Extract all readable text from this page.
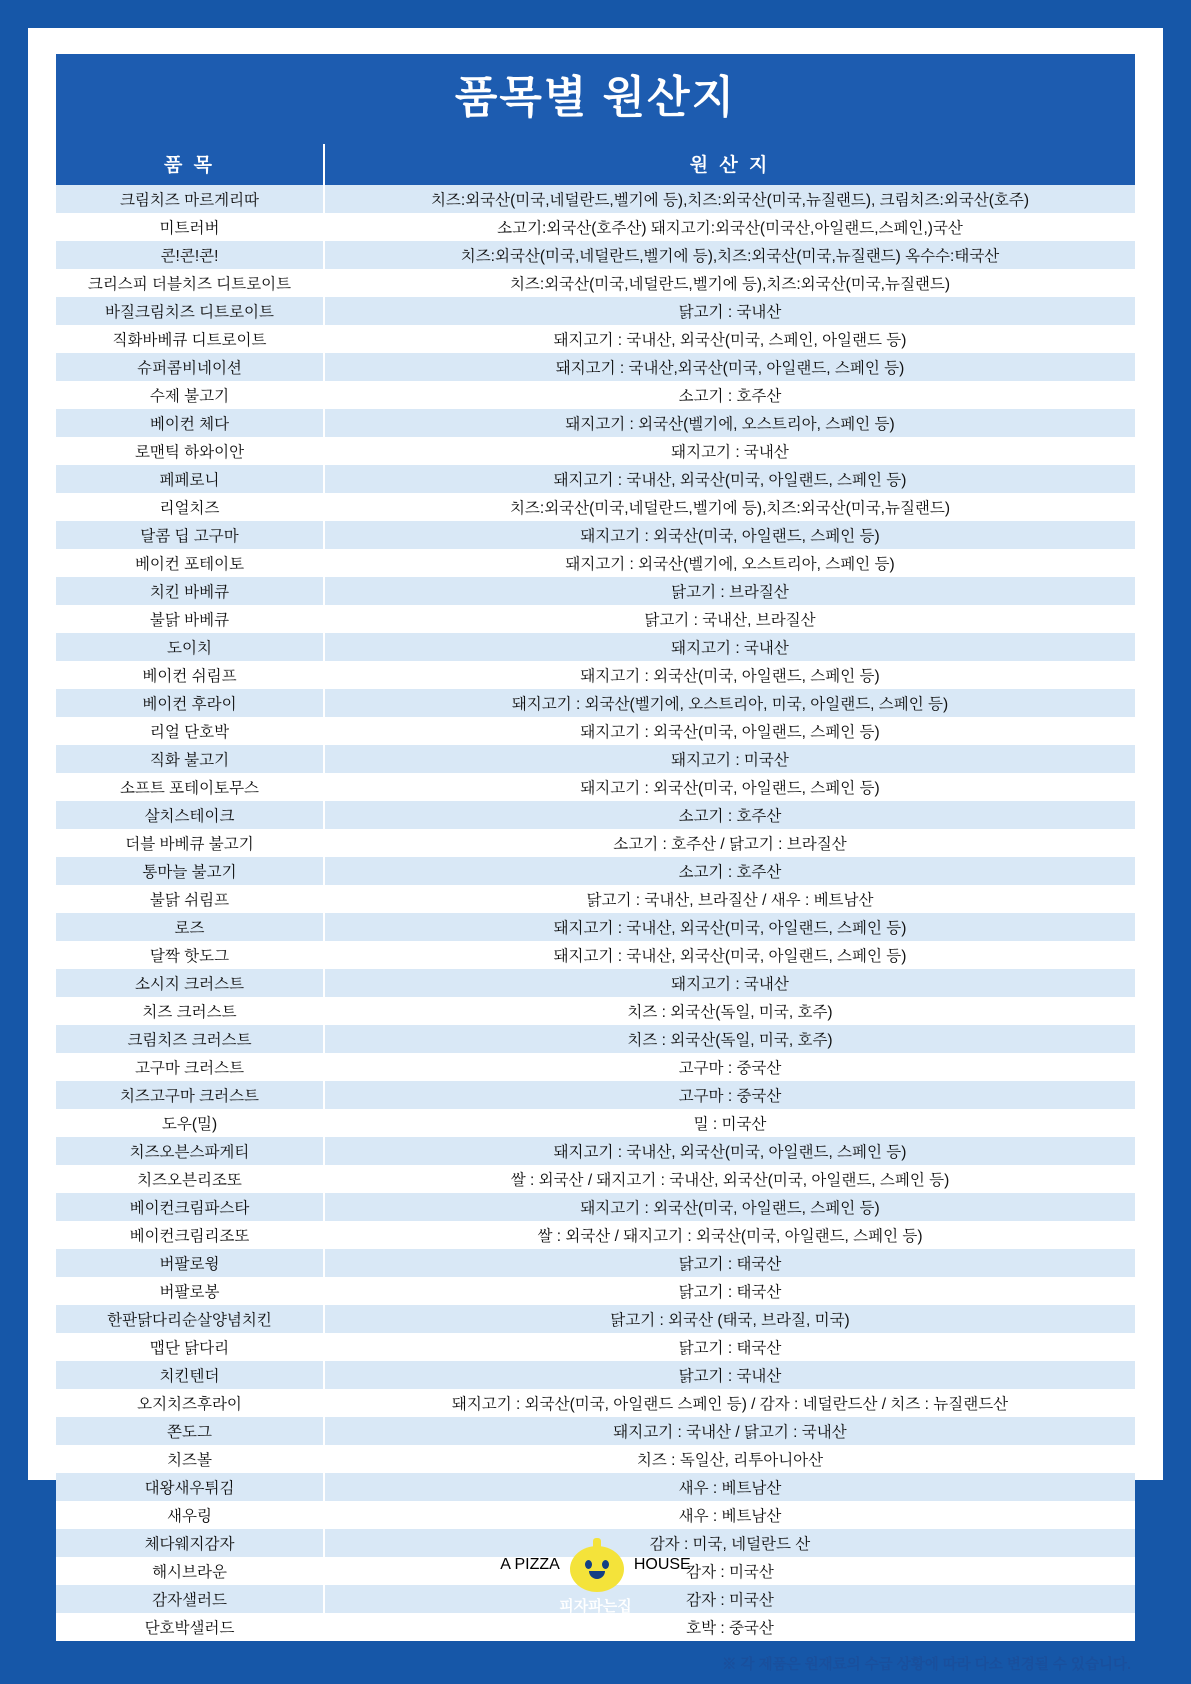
품목별 원산지
품 목	원 산 지
크림치즈 마르게리따	치즈:외국산(미국,네덜란드,벨기에 등),치즈:외국산(미국,뉴질랜드), 크림치즈:외국산(호주)
미트러버	소고기:외국산(호주산) 돼지고기:외국산(미국산,아일랜드,스페인,)국산
콘!콘!콘!	치즈:외국산(미국,네덜란드,벨기에 등),치즈:외국산(미국,뉴질랜드) 옥수수:태국산
크리스피 더블치즈 디트로이트	치즈:외국산(미국,네덜란드,벨기에 등),치즈:외국산(미국,뉴질랜드)
바질크림치즈 디트로이트	닭고기 : 국내산
직화바베큐 디트로이트	돼지고기 : 국내산, 외국산(미국, 스페인, 아일랜드 등)
슈퍼콤비네이션	돼지고기 : 국내산,외국산(미국, 아일랜드, 스페인 등)
수제 불고기	소고기 : 호주산
베이컨 체다	돼지고기 : 외국산(벨기에, 오스트리아, 스페인 등)
로맨틱 하와이안	돼지고기 : 국내산
페페로니	돼지고기 : 국내산, 외국산(미국, 아일랜드, 스페인 등)
리얼치즈	치즈:외국산(미국,네덜란드,벨기에 등),치즈:외국산(미국,뉴질랜드)
달콤 딥 고구마	돼지고기 : 외국산(미국, 아일랜드, 스페인 등)
베이컨 포테이토	돼지고기 : 외국산(벨기에, 오스트리아, 스페인 등)
치킨 바베큐	닭고기 : 브라질산
불닭 바베큐	닭고기 : 국내산, 브라질산
도이치	돼지고기 : 국내산
베이컨 쉬림프	돼지고기 : 외국산(미국, 아일랜드, 스페인 등)
베이컨 후라이	돼지고기 : 외국산(벨기에, 오스트리아, 미국, 아일랜드, 스페인 등)
리얼 단호박	돼지고기 : 외국산(미국, 아일랜드, 스페인 등)
직화 불고기	돼지고기 : 미국산
소프트 포테이토무스	돼지고기 : 외국산(미국, 아일랜드, 스페인 등)
살치스테이크	소고기 : 호주산
더블 바베큐 불고기	소고기 : 호주산 / 닭고기 : 브라질산
통마늘 불고기	소고기 : 호주산
불닭 쉬림프	닭고기 : 국내산, 브라질산 / 새우 : 베트남산
로즈	돼지고기 : 국내산, 외국산(미국, 아일랜드, 스페인 등)
달짝 핫도그	돼지고기 : 국내산, 외국산(미국, 아일랜드, 스페인 등)
소시지 크러스트	돼지고기 : 국내산
치즈 크러스트	치즈 : 외국산(독일, 미국, 호주)
크림치즈 크러스트	치즈 : 외국산(독일, 미국, 호주)
고구마 크러스트	고구마 : 중국산
치즈고구마 크러스트	고구마 : 중국산
도우(밀)	밀 : 미국산
치즈오븐스파게티	돼지고기 : 국내산, 외국산(미국, 아일랜드, 스페인 등)
치즈오븐리조또	쌀 : 외국산 / 돼지고기 : 국내산, 외국산(미국, 아일랜드, 스페인 등)
베이컨크림파스타	돼지고기 : 외국산(미국, 아일랜드, 스페인 등)
베이컨크림리조또	쌀 : 외국산 / 돼지고기 : 외국산(미국, 아일랜드, 스페인 등)
버팔로윙	닭고기 : 태국산
버팔로봉	닭고기 : 태국산
한판닭다리순살양념치킨	닭고기 : 외국산 (태국, 브라질, 미국)
맵단 닭다리	닭고기 : 태국산
치킨텐더	닭고기 : 국내산
오지치즈후라이	돼지고기 : 외국산(미국, 아일랜드 스페인 등) / 감자 : 네덜란드산 / 치즈 : 뉴질랜드산
쫀도그	돼지고기 : 국내산 / 닭고기 : 국내산
치즈볼	치즈 : 독일산, 리투아니아산
대왕새우튀김	새우 : 베트남산
새우링	새우 : 베트남산
체다웨지감자	감자 : 미국, 네덜란드 산
해시브라운	감자 : 미국산
감자샐러드	감자 : 미국산
단호박샐러드	호박 : 중국산
※ 각 제품은 원재료의 수급 상황에 따라 다소 변경될 수 있습니다.
A PIZZA	HOUSE
피자파는집
